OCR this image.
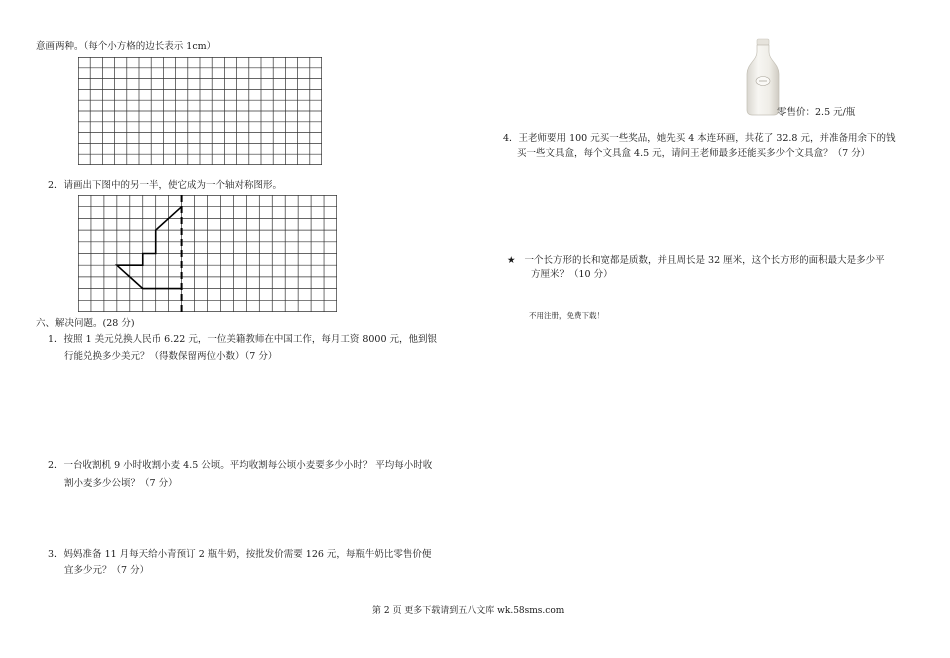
意画两种。（每个小方格的边长表示 1cm）

2．请画出下图中的另一半，使它成为一个轴对称图形。

六、解决问题。(28 分)

1．按照 1 美元兑换人民币 6.22 元，一位美籍教师在中国工作，每月工资 8000 元，他到银

行能兑换多少美元？（得数保留两位小数）（7 分）

2．一台收割机 9 小时收割小麦 4.5 公顷。平均收割每公顷小麦要多少小时？ 平均每小时收

割小麦多少公顷？（7 分）

3．妈妈准备 11 月每天给小青预订 2 瓶牛奶，按批发价需要 126 元，每瓶牛奶比零售价便

宜多少元？（7 分）

零售价：2.5 元/瓶

4．王老师要用 100 元买一些奖品，她先买 4 本连环画，共花了 32.8 元，并准备用余下的钱

买一些文具盒，每个文具盒 4.5 元，请问王老师最多还能买多少个文具盒？（7 分）

★ 一个长方形的长和宽都是质数，并且周长是 32 厘米，这个长方形的面积最大是多少平

方厘米？（10 分）

不用注册，免费下载！

第 2 页 更多下载请到五八文库 wk.58sms.com
